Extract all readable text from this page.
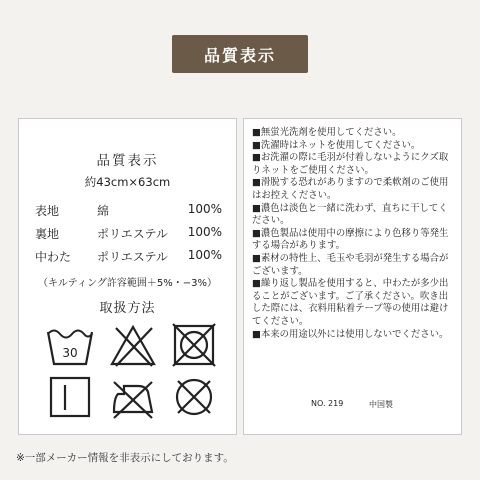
品質表示
品質表示
約43cm×63cm
表地	綿	100%
裏地	ポリエステル 100%
中わた ポリエステル 100%
（キルティング許容範囲＋5%・−3%）
取扱方法
30

■無蛍光洗剤を使用してください。

■洗濯時はネットを使用してください。

■お洗濯の際に毛羽が付着しないようにクズ取りネットをご使用ください。

■滑脱する恐れがありますので柔軟剤のご使用はお控えください。

■濃色は淡色と一緒に洗わず、直ちに干してください。

■濃色製品は使用中の摩擦により色移り等発生する場合があります。

■素材の特性上、毛玉や毛羽が発生する場合がございます。

■繰り返し製品を使用すると、中わたが多少出ることがございます。ご了承ください。吹き出した際には、衣料用粘着テープ等の使用は避けてください。

■本来の用途以外には使用しないでください。

NO. 219	中国製
※一部メーカー情報を非表示にしております。
